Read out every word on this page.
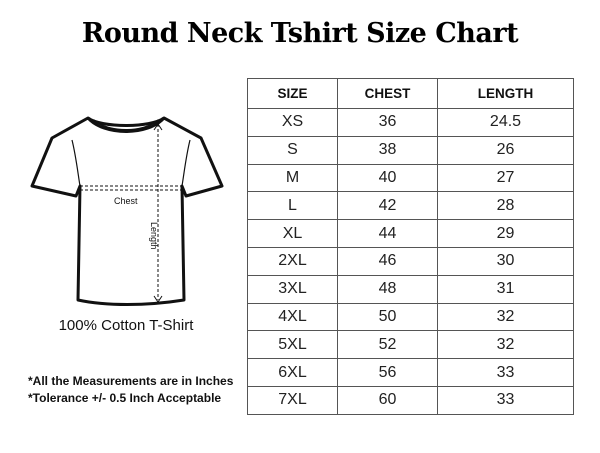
Round Neck Tshirt Size Chart
Chest
Length
100% Cotton T-Shirt
*All the Measurements are in Inches
*Tolerance +/- 0.5 Inch Acceptable
SIZE	CHEST	LENGTH
XS	36	24.5
S	38	26
M	40	27
L	42	28
XL	44	29
2XL	46	30
3XL	48	31
4XL	50	32
5XL	52	32
6XL	56	33
7XL	60	33
